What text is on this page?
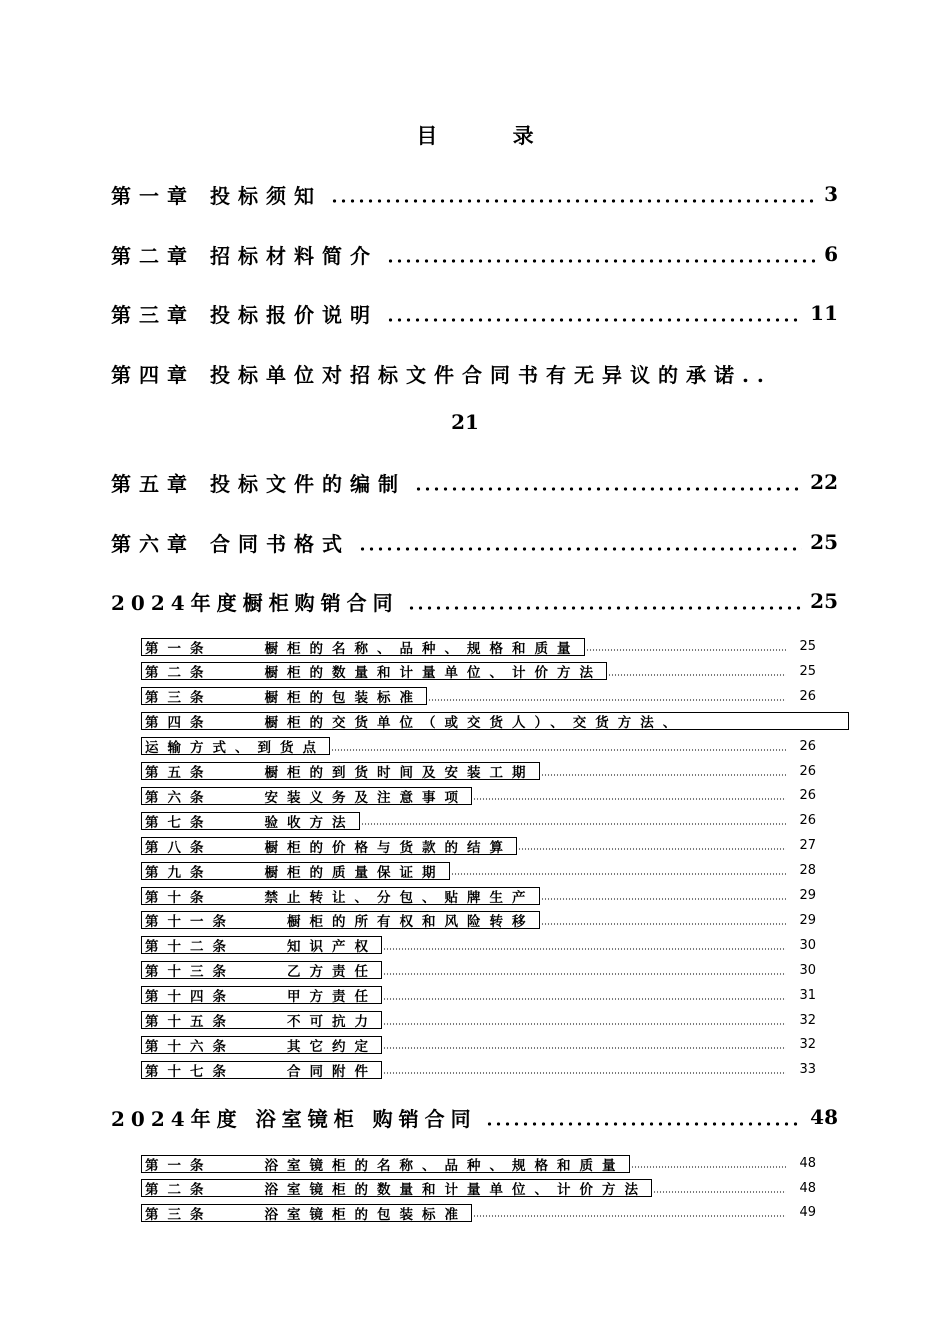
目 录
第一章 投标须知	3
第二章 招标材料简介	6
第三章 投标报价说明	11
第四章 投标单位对招标文件合同书有无异议的承诺..
21
第五章 投标文件的编制	22
第六章 合同书格式	25
2024年度橱柜购销合同	25
第一条	橱柜的名称、品种、规格和质量	25
第二条	橱柜的数量和计量单位、计价方法	25
第三条	橱柜的包装标准	26
第四条	橱柜的交货单位（或交货人）、交货方法、
运输方式、到货点	26
第五条	橱柜的到货时间及安装工期	26
第六条	安装义务及注意事项	26
第七条	验收方法	26
第八条	橱柜的价格与货款的结算	27
第九条	橱柜的质量保证期	28
第十条	禁止转让、分包、贴牌生产	29
第十一条	橱柜的所有权和风险转移	29
第十二条	知识产权	30
第十三条	乙方责任	30
第十四条	甲方责任	31
第十五条	不可抗力	32
第十六条	其它约定	32
第十七条	合同附件	33
2024年度 浴室镜柜 购销合同	48
第一条	浴室镜柜的名称、品种、规格和质量	48
第二条	浴室镜柜的数量和计量单位、计价方法	48
第三条	浴室镜柜的包装标准	49
